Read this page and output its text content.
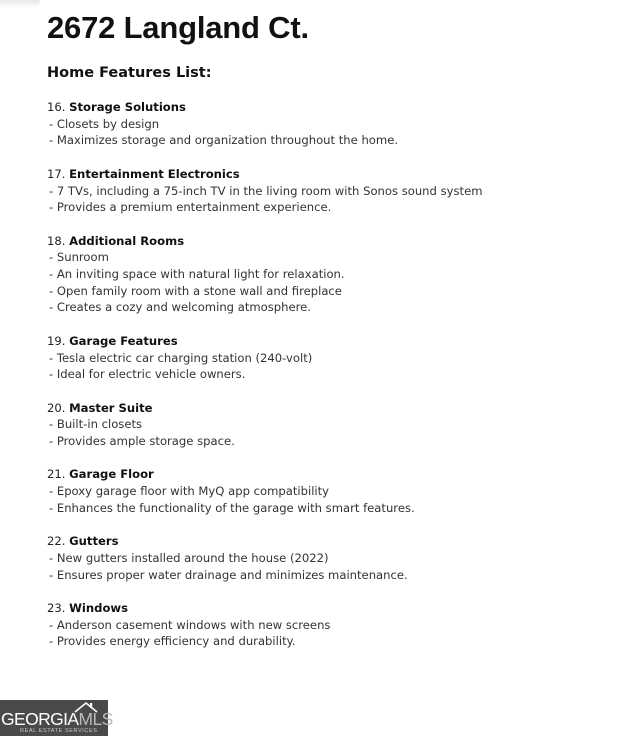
2672 Langland Ct.
Home Features List:
16. Storage Solutions
- Closets by design
- Maximizes storage and organization throughout the home.
17. Entertainment Electronics
- 7 TVs, including a 75-inch TV in the living room with Sonos sound system
- Provides a premium entertainment experience.
18. Additional Rooms
- Sunroom
- An inviting space with natural light for relaxation.
- Open family room with a stone wall and fireplace
- Creates a cozy and welcoming atmosphere.
19. Garage Features
- Tesla electric car charging station (240-volt)
- Ideal for electric vehicle owners.
20. Master Suite
- Built-in closets
- Provides ample storage space.
21. Garage Floor
- Epoxy garage floor with MyQ app compatibility
- Enhances the functionality of the garage with smart features.
22. Gutters
- New gutters installed around the house (2022)
- Ensures proper water drainage and minimizes maintenance.
23. Windows
- Anderson casement windows with new screens
- Provides energy efficiency and durability.
GEORGIAMLS
REAL ESTATE SERVICES
